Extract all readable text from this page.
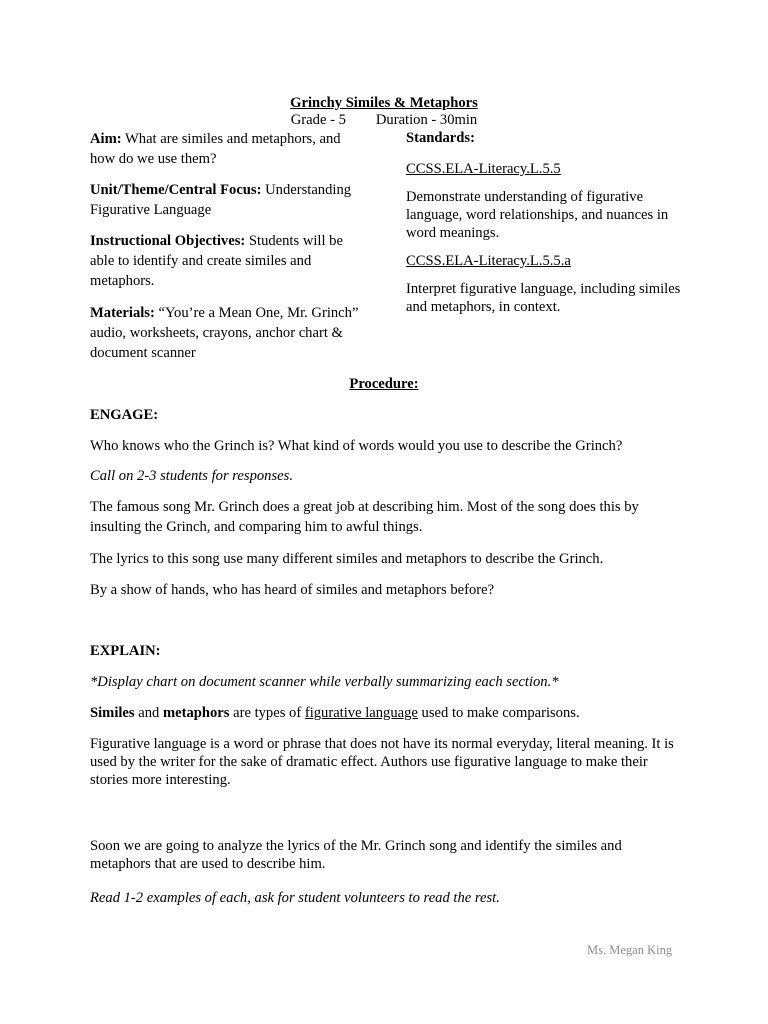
Grinchy Similes & Metaphors

Grade - 5 Duration - 30min

Aim: What are similes and metaphors, and how do we use them?

Unit/Theme/Central Focus: Understanding Figurative Language

Instructional Objectives: Students will be able to identify and create similes and metaphors.

Materials: “You’re a Mean One, Mr. Grinch” audio, worksheets, crayons, anchor chart & document scanner

Standards:

CCSS.ELA-Literacy.L.5.5

Demonstrate understanding of figurative language, word relationships, and nuances in word meanings.

CCSS.ELA-Literacy.L.5.5.a

Interpret figurative language, including similes and metaphors, in context.

Procedure:

ENGAGE:

Who knows who the Grinch is? What kind of words would you use to describe the Grinch?

Call on 2-3 students for responses.

The famous song Mr. Grinch does a great job at describing him. Most of the song does this by insulting the Grinch, and comparing him to awful things.

The lyrics to this song use many different similes and metaphors to describe the Grinch.

By a show of hands, who has heard of similes and metaphors before?

EXPLAIN:

*Display chart on document scanner while verbally summarizing each section.*

Similes and metaphors are types of figurative language used to make comparisons.

Figurative language is a word or phrase that does not have its normal everyday, literal meaning. It is used by the writer for the sake of dramatic effect. Authors use figurative language to make their stories more interesting.

Soon we are going to analyze the lyrics of the Mr. Grinch song and identify the similes and metaphors that are used to describe him.

Read 1-2 examples of each, ask for student volunteers to read the rest.

Ms. Megan King
